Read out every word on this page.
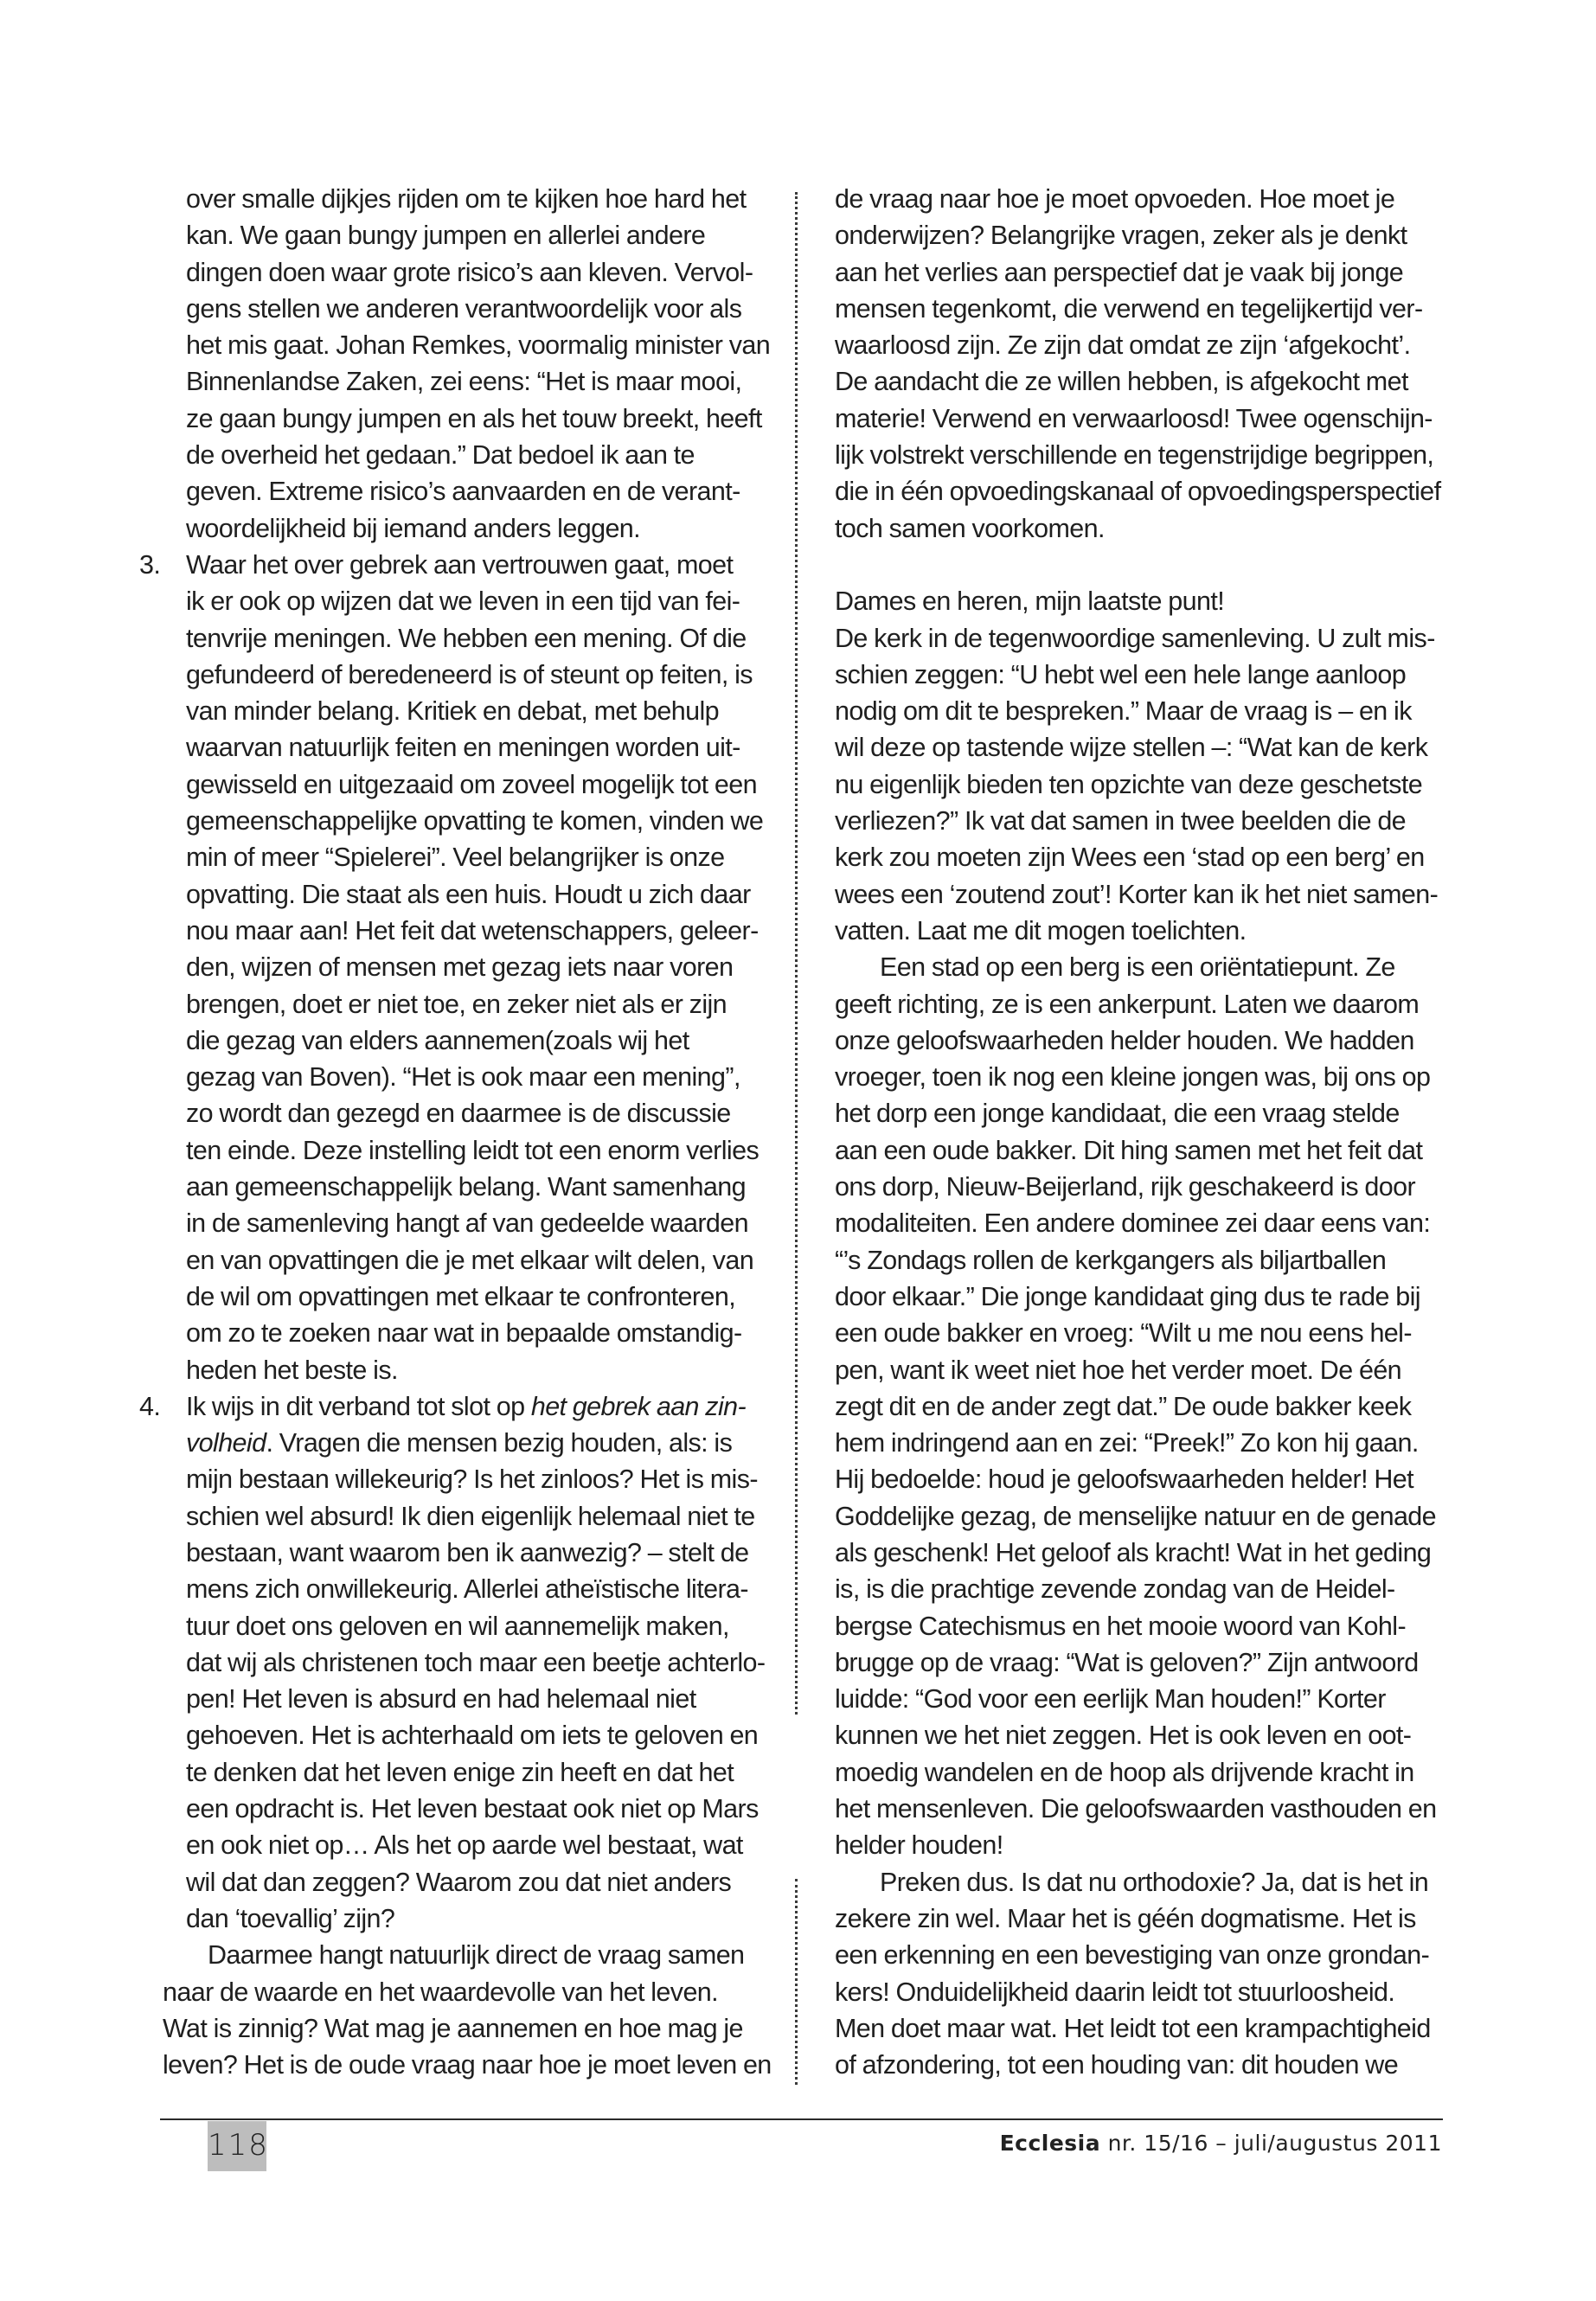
over smalle dijkjes rijden om te kijken hoe hard het
kan. We gaan bungy jumpen en allerlei andere
dingen doen waar grote risico’s aan kleven. Vervol-
gens stellen we anderen verantwoordelijk voor als
het mis gaat. Johan Remkes, voormalig minister van
Binnenlandse Zaken, zei eens: “Het is maar mooi,
ze gaan bungy jumpen en als het touw breekt, heeft
de overheid het gedaan.” Dat bedoel ik aan te
geven. Extreme risico’s aanvaarden en de verant-
woordelijkheid bij iemand anders leggen.
3. Waar het over gebrek aan vertrouwen gaat, moet
ik er ook op wijzen dat we leven in een tijd van fei-
tenvrije meningen. We hebben een mening. Of die
gefundeerd of beredeneerd is of steunt op feiten, is
van minder belang. Kritiek en debat, met behulp
waarvan natuurlijk feiten en meningen worden uit-
gewisseld en uitgezaaid om zoveel mogelijk tot een
gemeenschappelijke opvatting te komen, vinden we
min of meer “Spielerei”. Veel belangrijker is onze
opvatting. Die staat als een huis. Houdt u zich daar
nou maar aan! Het feit dat wetenschappers, geleer-
den, wijzen of mensen met gezag iets naar voren
brengen, doet er niet toe, en zeker niet als er zijn
die gezag van elders aannemen(zoals wij het
gezag van Boven). “Het is ook maar een mening”,
zo wordt dan gezegd en daarmee is de discussie
ten einde. Deze instelling leidt tot een enorm verlies
aan gemeenschappelijk belang. Want samenhang
in de samenleving hangt af van gedeelde waarden
en van opvattingen die je met elkaar wilt delen, van
de wil om opvattingen met elkaar te confronteren,
om zo te zoeken naar wat in bepaalde omstandig-
heden het beste is.
4. Ik wijs in dit verband tot slot op het gebrek aan zin-
volheid. Vragen die mensen bezig houden, als: is
mijn bestaan willekeurig? Is het zinloos? Het is mis-
schien wel absurd! Ik dien eigenlijk helemaal niet te
bestaan, want waarom ben ik aanwezig? – stelt de
mens zich onwillekeurig. Allerlei atheïstische litera-
tuur doet ons geloven en wil aannemelijk maken,
dat wij als christenen toch maar een beetje achterlo-
pen! Het leven is absurd en had helemaal niet
gehoeven. Het is achterhaald om iets te geloven en
te denken dat het leven enige zin heeft en dat het
een opdracht is. Het leven bestaat ook niet op Mars
en ook niet op… Als het op aarde wel bestaat, wat
wil dat dan zeggen? Waarom zou dat niet anders
dan ‘toevallig’ zijn?
Daarmee hangt natuurlijk direct de vraag samen
naar de waarde en het waardevolle van het leven.
Wat is zinnig? Wat mag je aannemen en hoe mag je
leven? Het is de oude vraag naar hoe je moet leven en
de vraag naar hoe je moet opvoeden. Hoe moet je
onderwijzen? Belangrijke vragen, zeker als je denkt
aan het verlies aan perspectief dat je vaak bij jonge
mensen tegenkomt, die verwend en tegelijkertijd ver-
waarloosd zijn. Ze zijn dat omdat ze zijn ‘afgekocht’.
De aandacht die ze willen hebben, is afgekocht met
materie! Verwend en verwaarloosd! Twee ogenschijn-
lijk volstrekt verschillende en tegenstrijdige begrippen,
die in één opvoedingskanaal of opvoedingsperspectief
toch samen voorkomen.
Dames en heren, mijn laatste punt!
De kerk in de tegenwoordige samenleving. U zult mis-
schien zeggen: “U hebt wel een hele lange aanloop
nodig om dit te bespreken.” Maar de vraag is – en ik
wil deze op tastende wijze stellen –: “Wat kan de kerk
nu eigenlijk bieden ten opzichte van deze geschetste
verliezen?” Ik vat dat samen in twee beelden die de
kerk zou moeten zijn Wees een ‘stad op een berg’ en
wees een ‘zoutend zout’! Korter kan ik het niet samen-
vatten. Laat me dit mogen toelichten.
Een stad op een berg is een oriëntatiepunt. Ze
geeft richting, ze is een ankerpunt. Laten we daarom
onze geloofswaarheden helder houden. We hadden
vroeger, toen ik nog een kleine jongen was, bij ons op
het dorp een jonge kandidaat, die een vraag stelde
aan een oude bakker. Dit hing samen met het feit dat
ons dorp, Nieuw-Beijerland, rijk geschakeerd is door
modaliteiten. Een andere dominee zei daar eens van:
“’s Zondags rollen de kerkgangers als biljartballen
door elkaar.” Die jonge kandidaat ging dus te rade bij
een oude bakker en vroeg: “Wilt u me nou eens hel-
pen, want ik weet niet hoe het verder moet. De één
zegt dit en de ander zegt dat.” De oude bakker keek
hem indringend aan en zei: “Preek!” Zo kon hij gaan.
Hij bedoelde: houd je geloofswaarheden helder! Het
Goddelijke gezag, de menselijke natuur en de genade
als geschenk! Het geloof als kracht! Wat in het geding
is, is die prachtige zevende zondag van de Heidel-
bergse Catechismus en het mooie woord van Kohl-
brugge op de vraag: “Wat is geloven?” Zijn antwoord
luidde: “God voor een eerlijk Man houden!” Korter
kunnen we het niet zeggen. Het is ook leven en oot-
moedig wandelen en de hoop als drijvende kracht in
het mensenleven. Die geloofswaarden vasthouden en
helder houden!
Preken dus. Is dat nu orthodoxie? Ja, dat is het in
zekere zin wel. Maar het is géén dogmatisme. Het is
een erkenning en een bevestiging van onze grondan-
kers! Onduidelijkheid daarin leidt tot stuurloosheid.
Men doet maar wat. Het leidt tot een krampachtigheid
of afzondering, tot een houding van: dit houden we
118	Ecclesia nr. 15/16 – juli/augustus 2011
